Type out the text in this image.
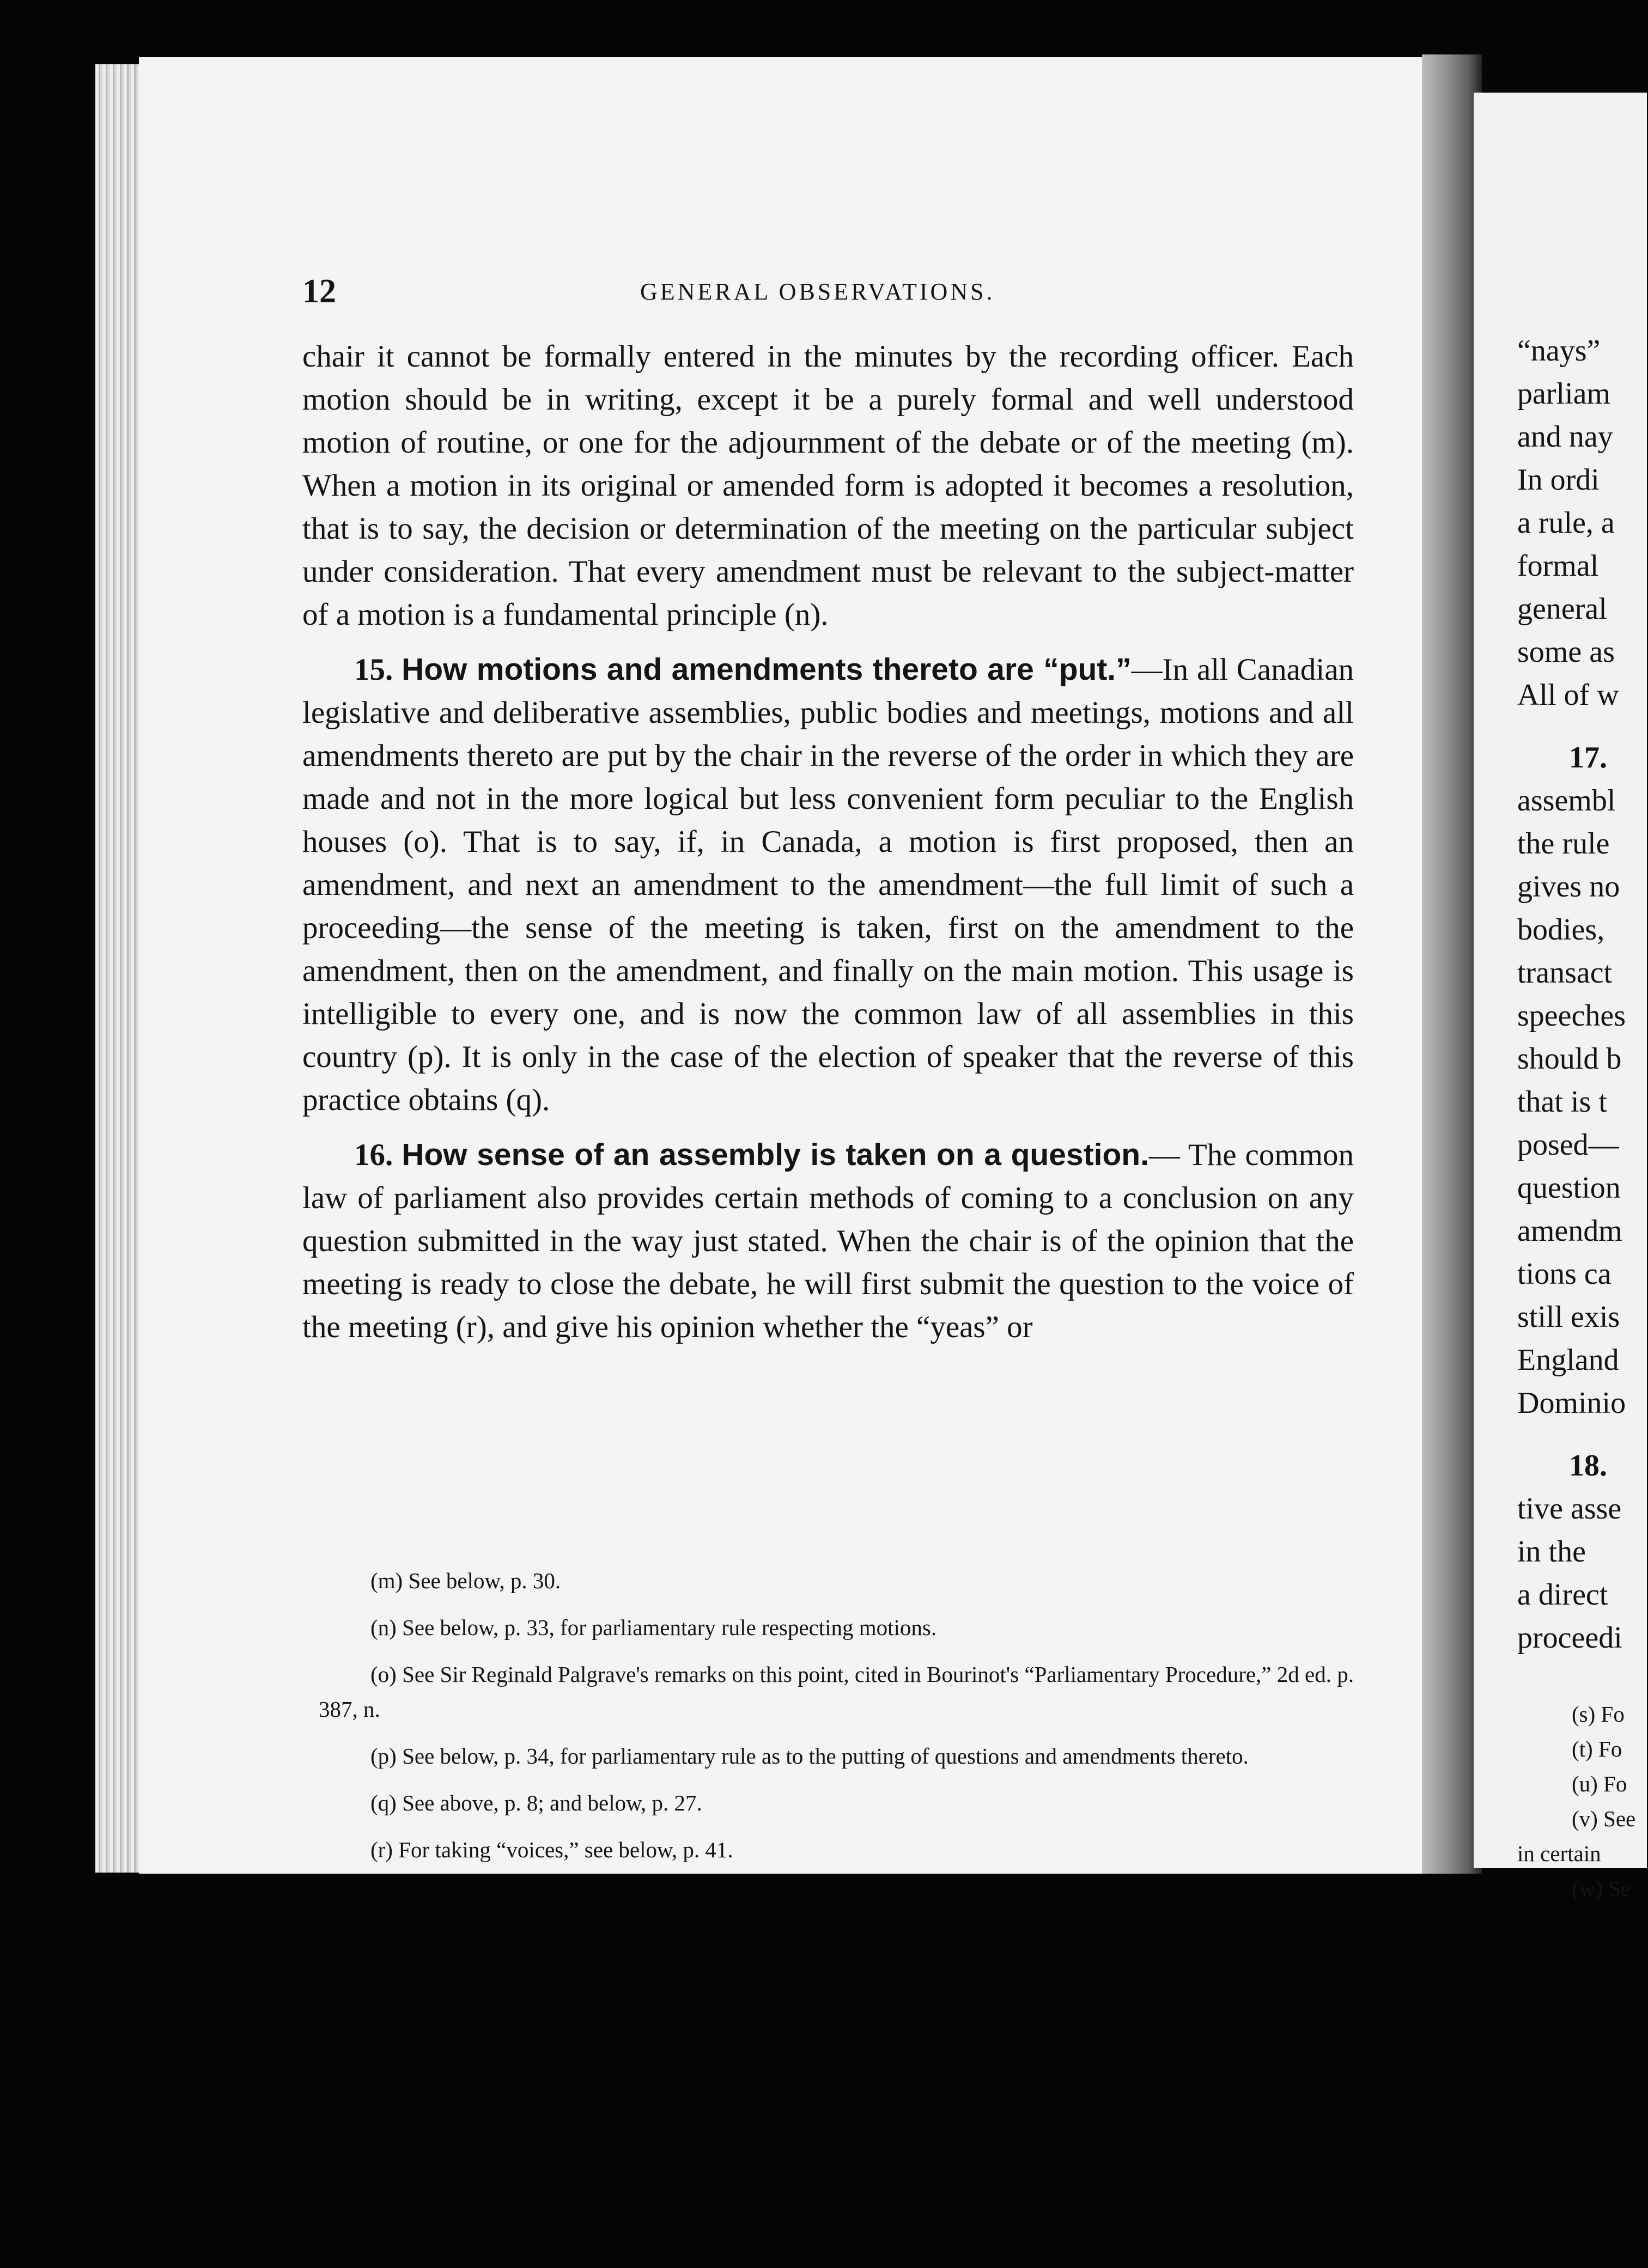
“nays”
parliam
and nay
In ordi
a rule, a
formal
general
some as
All of w
17.
assembl
the rule
gives no
bodies,
transact
speeches
should b
that is t
posed—
question
amendm
tions ca
still exis
England
Dominio
18.
tive asse
in the
a direct
proceedi
(s) Fo
(t) Fo
(u) Fo
(v) See
in certain
(w) Se
12	GENERAL OBSERVATIONS.

chair it cannot be formally entered in the minutes by the recording officer. Each motion should be in writing, except it be a purely formal and well understood motion of routine, or one for the adjournment of the debate or of the meeting (m). When a motion in its original or amended form is adopted it becomes a resolution, that is to say, the decision or determination of the meeting on the particular subject under consideration. That every amendment must be relevant to the subject-matter of a motion is a fundamental principle (n).

15. How motions and amendments thereto are “put.”—In all Canadian legislative and deliberative assemblies, public bodies and meetings, motions and all amendments thereto are put by the chair in the reverse of the order in which they are made and not in the more logical but less convenient form peculiar to the English houses (o). That is to say, if, in Canada, a motion is first proposed, then an amendment, and next an amendment to the amendment—the full limit of such a proceeding—the sense of the meeting is taken, first on the amendment to the amendment, then on the amendment, and finally on the main motion. This usage is intelligible to every one, and is now the common law of all assemblies in this country (p). It is only in the case of the election of speaker that the reverse of this practice obtains (q).

16. How sense of an assembly is taken on a question.— The common law of parliament also provides certain methods of coming to a conclusion on any question submitted in the way just stated. When the chair is of the opinion that the meeting is ready to close the debate, he will first submit the question to the voice of the meeting (r), and give his opinion whether the “yeas” or

(m) See below, p. 30.

(n) See below, p. 33, for parliamentary rule respecting motions.

(o) See Sir Reginald Palgrave's remarks on this point, cited in Bourinot's “Parliamentary Procedure,” 2d ed. p. 387, n.

(p) See below, p. 34, for parliamentary rule as to the putting of questions and amendments thereto.

(q) See above, p. 8; and below, p. 27.

(r) For taking “voices,” see below, p. 41.
